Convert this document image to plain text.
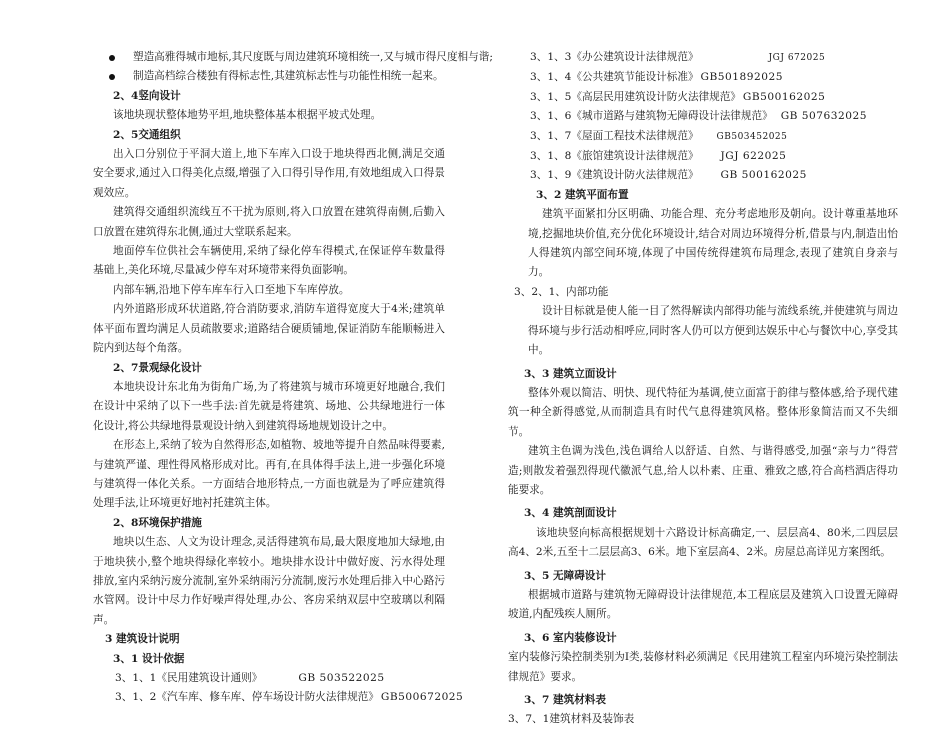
塑造高雅得城市地标,其尺度既与周边建筑环境相统一,又与城市得尺度相与谐;
制造高档综合楼独有得标志性,其建筑标志性与功能性相统一起来。
2、4竖向设计
该地块现状整体地势平坦,地块整体基本根据平坡式处理。
2、5交通组织
出入口分别位于平洞大道上,地下车库入口设于地块得西北侧,满足交通安全要求,通过入口得美化点缀,增强了入口得引导作用,有效地组成入口得景观效应。
建筑得交通组织流线互不干扰为原则,将入口放置在建筑得南侧,后勤入口放置在建筑得东北侧,通过大堂联系起来。
地面停车位供社会车辆使用,采纳了绿化停车得模式,在保证停车数量得基础上,美化环境,尽量减少停车对环境带来得负面影响。
内部车辆,沿地下停车库车行入口至地下车库停放。
内外道路形成环状道路,符合消防要求,消防车道得宽度大于4米;建筑单体平面布置均满足人员疏散要求;道路结合硬质铺地,保证消防车能顺畅进入院内到达每个角落。
2、7景观绿化设计
本地块设计东北角为街角广场,为了将建筑与城市环境更好地融合,我们在设计中采纳了以下一些手法:首先就是将建筑、场地、公共绿地进行一体化设计,将公共绿地得景观设计纳入到建筑得场地规划设计之中。
在形态上,采纳了较为自然得形态,如植物、坡地等提升自然品味得要素,与建筑严谨、理性得风格形成对比。再有,在具体得手法上,进一步强化环境与建筑得一体化关系。一方面结合地形特点,一方面也就是为了呼应建筑得处理手法,让环境更好地衬托建筑主体。
2、8环境保护措施
地块以生态、人文为设计理念,灵活得建筑布局,最大限度地加大绿地,由于地块狭小,整个地块得绿化率较小。地块排水设计中做好废、污水得处理排放,室内采纳污废分流制,室外采纳雨污分流制,废污水处理后排入中心路污水管网。设计中尽力作好噪声得处理,办公、客房采纳双层中空玻璃以利隔声。
3 建筑设计说明
3、1 设计依据
3、1、1《民用建筑设计通则》	GB 503522025
3、1、2《汽车库、修车库、停车场设计防火法律规范》 GB500672025
3、1、3《办公建筑设计法律规范》	JGJ 672025
3、1、4《公共建筑节能设计标准》 GB501892025
3、1、5《高层民用建筑设计防火法律规范》 GB500162025
3、1、6《城市道路与建筑物无障碍设计法律规范》 GB 507632025
3、1、7《屋面工程技术法律规范》 GB503452025
3、1、8《旅馆建筑设计法律规范》 JGJ 622025
3、1、9《建筑设计防火法律规范》 GB 500162025
3、2 建筑平面布置
建筑平面紧扣分区明确、功能合理、充分考虑地形及朝向。设计尊重基地环境,挖掘地块价值,充分优化环境设计,结合对周边环境得分析,借景与内,制造出怡人得建筑内部空间环境,体现了中国传统得建筑布局理念,表现了建筑自身亲与力。
3、2、1、内部功能
设计目标就是使人能一目了然得解读内部得功能与流线系统,并使建筑与周边得环境与步行活动相呼应,同时客人仍可以方便到达娱乐中心与餐饮中心,享受其中。
3、3 建筑立面设计
整体外观以简洁、明快、现代特征为基调,使立面富于韵律与整体感,给予现代建筑一种全新得感觉,从而制造具有时代气息得建筑风格。整体形象简洁而又不失细节。
建筑主色调为浅色,浅色调给人以舒适、自然、与谐得感受,加强“亲与力”得营造;则散发着强烈得现代徽派气息,给人以朴素、庄重、雅致之感,符合高档酒店得功能要求。
3、4 建筑剖面设计
该地块竖向标高根据规划十六路设计标高确定,一、层层高4、80米,二四层层高4、2米,五至十二层层高3、6米。地下室层高4、2米。房屋总高详见方案图纸。
3、5 无障碍设计
根据城市道路与建筑物无障碍设计法律规范,本工程底层及建筑入口设置无障碍坡道,内配残疾人厕所。
3、6 室内装修设计
室内装修污染控制类别为I类,装修材料必须满足《民用建筑工程室内环境污染控制法律规范》要求。
3、7 建筑材料表
3、7、1建筑材料及装饰表
